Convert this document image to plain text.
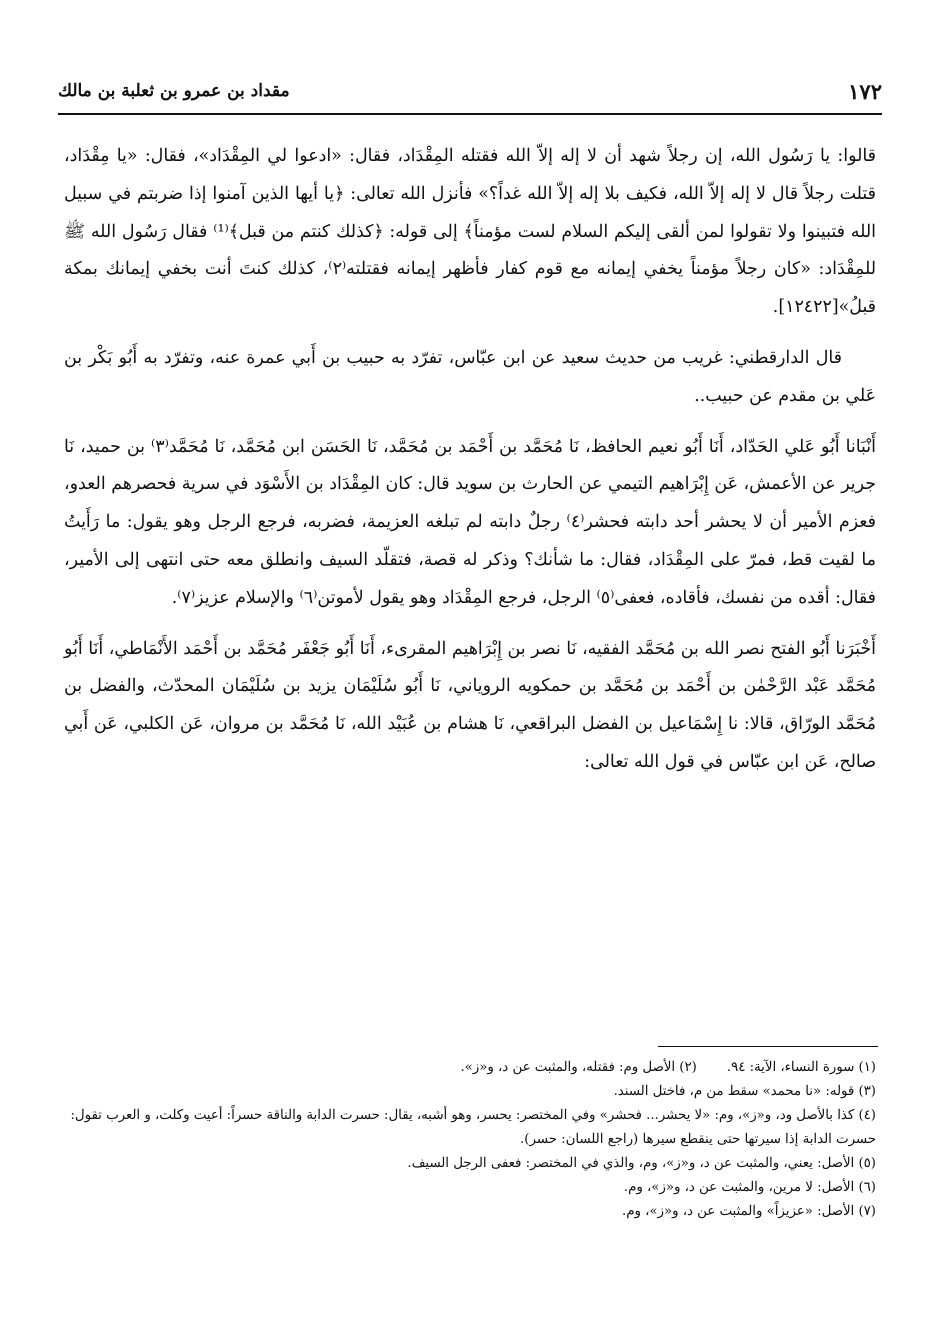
١٧٢
مقداد بن عمرو بن ثعلبة بن مالك

قالوا: يا رَسُول الله، إن رجلاً شهد أن لا إله إلاّ الله فقتله المِقْدَاد، فقال: «ادعوا لي المِقْدَاد»، فقال: «يا مِقْدَاد، قتلت رجلاً قال لا إله إلاّ الله، فكيف بلا إله إلاّ الله غداً؟» فأنزل الله تعالى: ﴿يا أيها الذين آمنوا إذا ضربتم في سبيل الله فتبينوا ولا تقولوا لمن ألقى إليكم السلام لست مؤمناً﴾ إلى قوله: ﴿كذلك كنتم من قبل﴾⁽¹⁾ فقال رَسُول الله ﷺ للمِقْدَاد: «كان رجلاً مؤمناً يخفي إيمانه مع قوم كفار فأظهر إيمانه فقتلته⁽٢⁾، كذلك كنتَ أنت بخفي إيمانك بمكة قبلُ»[١٢٤٢٢].

قال الدارقطني: غريب من حديث سعيد عن ابن عبّاس، تفرّد به حبيب بن أَبي عمرة عنه، وتفرّد به أَبُو بَكْر بن عَلي بن مقدم عن حبيب..

أَنْبَانا أَبُو عَلي الحَدّاد، أَنَا أَبُو نعيم الحافظ، نَا مُحَمَّد بن أَحْمَد بن مُحَمَّد، نَا الحَسَن ابن مُحَمَّد، نَا مُحَمَّد⁽٣⁾ بن حميد، نَا جرير عن الأعمش، عَن إِبْرَاهيم التيمي عن الحارث بن سويد قال: كان المِقْدَاد بن الأَسْوَد في سرية فحصرهم العدو، فعزم الأمير أن لا يحشر أحد دابته فحشر⁽٤⁾ رجلٌ دابته لم تبلغه العزيمة، فضربه، فرجع الرجل وهو يقول: ما رَأَيتُ ما لقيت قط، فمرّ على المِقْدَاد، فقال: ما شأنك؟ وذكر له قصة، فتقلّد السيف وانطلق معه حتى انتهى إلى الأمير، فقال: أقده من نفسك، فأقاده، فعفى⁽٥⁾ الرجل، فرجع المِقْدَاد وهو يقول لأموتن⁽٦⁾ والإسلام عزيز⁽٧⁾.

أَخْبَرَنا أَبُو الفتح نصر الله بن مُحَمَّد الفقيه، نَا نصر بن إِبْرَاهيم المقرىء، أَنَا أَبُو جَعْفَر مُحَمَّد بن أَحْمَد الأَنْمَاطي، أَنَا أَبُو مُحَمَّد عَبْد الرَّحْمٰن بن أَحْمَد بن مُحَمَّد بن حمكويه الروياني، نَا أَبُو سُلَيْمَان يزيد بن سُلَيْمَان المحدّث، والفضل بن مُحَمَّد الورّاق، قالا: نا إِسْمَاعيل بن الفضل البراقعي، نَا هشام بن عُبَيْد الله، نَا مُحَمَّد بن مروان، عَن الكلبي، عَن أَبي صالح، عَن ابن عبّاس في قول الله تعالى:

(١) سورة النساء، الآية: ٩٤.

(٢) الأصل وم: فقتله، والمثبت عن د، و«ز».

(٣) قوله: «نا محمد» سقط من م، فاختل السند.

(٤) كذا بالأصل ود، و«ز»، وم: «لا يحشر... فحشر» وفي المختصر: يحسر، وهو أشبه، يقال: حسرت الدابة والناقة حسراً: أعيت وكلت، و العرب تقول: حسرت الدابة إذا سيرتها حتى ينقطع سيرها (راجع اللسان: حسر).

(٥) الأصل: يعني، والمثبت عن د، و«ز»، وم، والذي في المختصر: فعفى الرجل السيف.

(٦) الأصل: لا مرين، والمثبت عن د، و«ز»، وم.

(٧) الأصل: «عزيزاً» والمثبت عن د، و«ز»، وم.
